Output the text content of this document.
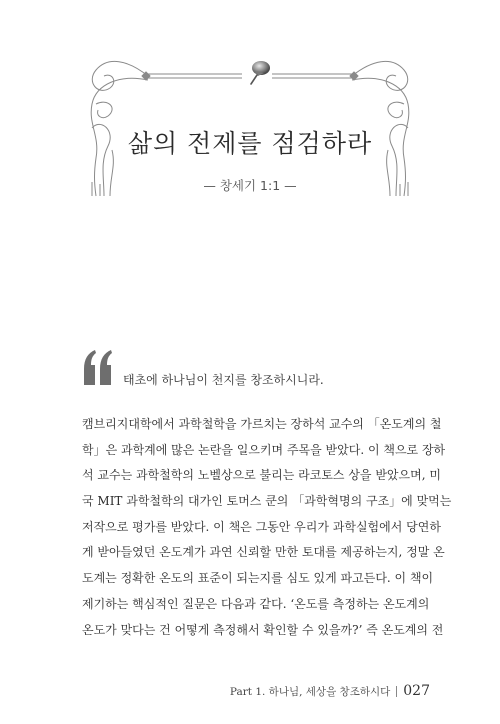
삶의 전제를 점검하라
— 창세기 1:1 —
태초에 하나님이 천지를 창조하시니라.
캠브리지대학에서 과학철학을 가르치는 장하석 교수의 「온도계의 철
학」은 과학계에 많은 논란을 일으키며 주목을 받았다. 이 책으로 장하
석 교수는 과학철학의 노벨상으로 불리는 라코토스 상을 받았으며, 미
국 MIT 과학철학의 대가인 토머스 쿤의 「과학혁명의 구조」에 맞먹는
저작으로 평가를 받았다. 이 책은 그동안 우리가 과학실험에서 당연하
게 받아들였던 온도계가 과연 신뢰할 만한 토대를 제공하는지, 정말 온
도계는 정확한 온도의 표준이 되는지를 심도 있게 파고든다. 이 책이
제기하는 핵심적인 질문은 다음과 같다. ‘온도를 측정하는 온도계의
온도가 맞다는 건 어떻게 측정해서 확인할 수 있을까?’ 즉 온도계의 전
Part 1. 하나님, 세상을 창조하시다 027
